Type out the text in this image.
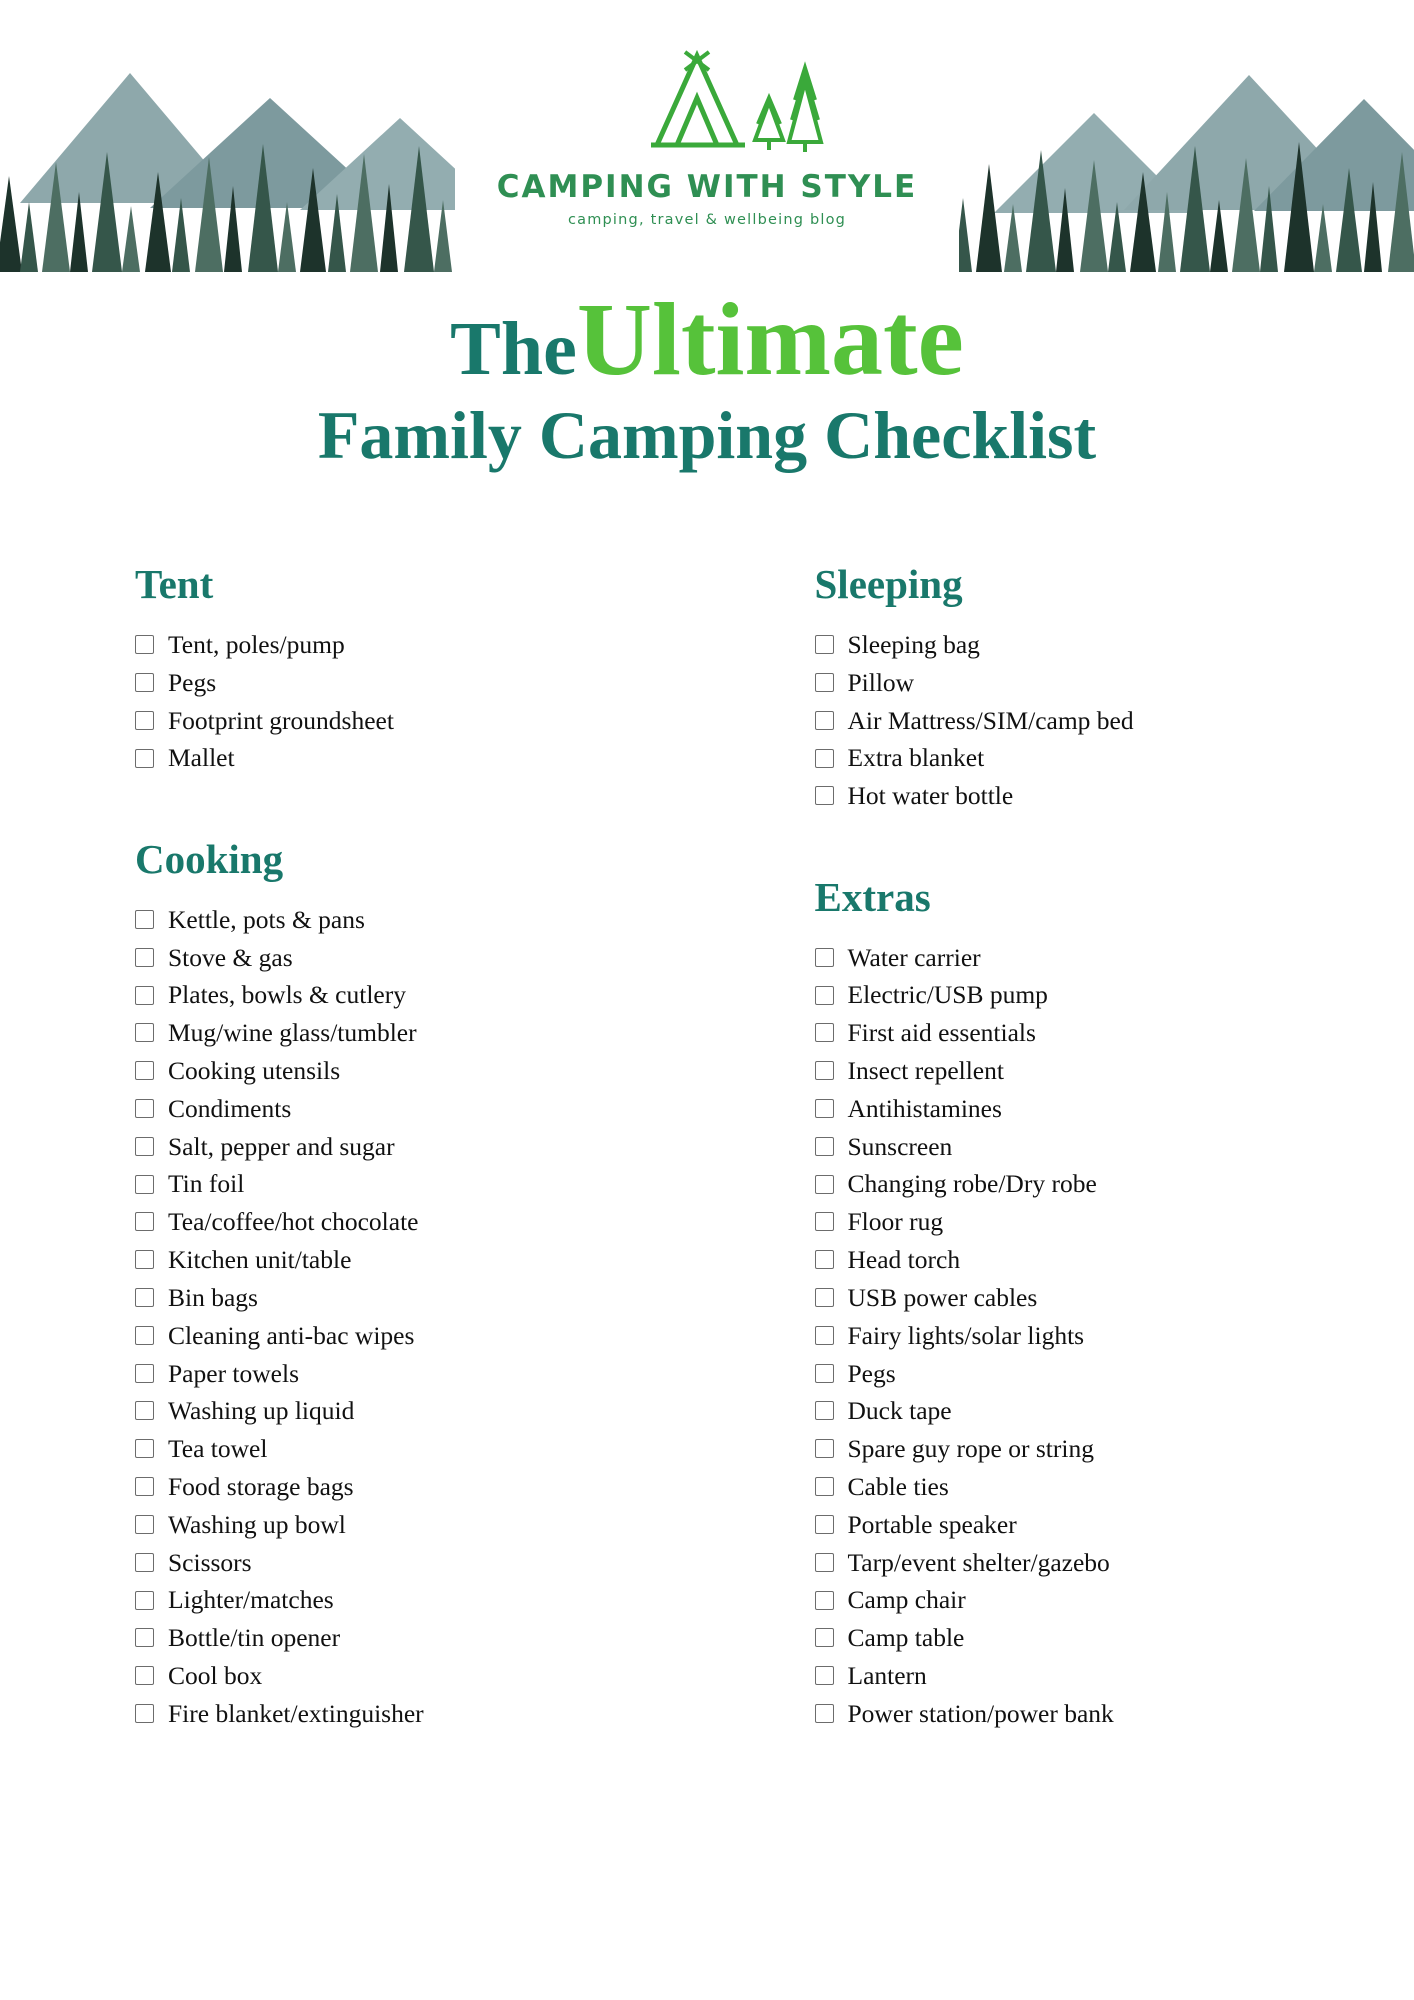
CAMPING WITH STYLE
camping, travel & wellbeing blog
TheUltimate
Family Camping Checklist
Tent
Tent, poles/pump
Pegs
Footprint groundsheet
Mallet
Cooking
Kettle, pots & pans
Stove & gas
Plates, bowls & cutlery
Mug/wine glass/tumbler
Cooking utensils
Condiments
Salt, pepper and sugar
Tin foil
Tea/coffee/hot chocolate
Kitchen unit/table
Bin bags
Cleaning anti-bac wipes
Paper towels
Washing up liquid
Tea towel
Food storage bags
Washing up bowl
Scissors
Lighter/matches
Bottle/tin opener
Cool box
Fire blanket/extinguisher
Sleeping
Sleeping bag
Pillow
Air Mattress/SIM/camp bed
Extra blanket
Hot water bottle
Extras
Water carrier
Electric/USB pump
First aid essentials
Insect repellent
Antihistamines
Sunscreen
Changing robe/Dry robe
Floor rug
Head torch
USB power cables
Fairy lights/solar lights
Pegs
Duck tape
Spare guy rope or string
Cable ties
Portable speaker
Tarp/event shelter/gazebo
Camp chair
Camp table
Lantern
Power station/power bank
